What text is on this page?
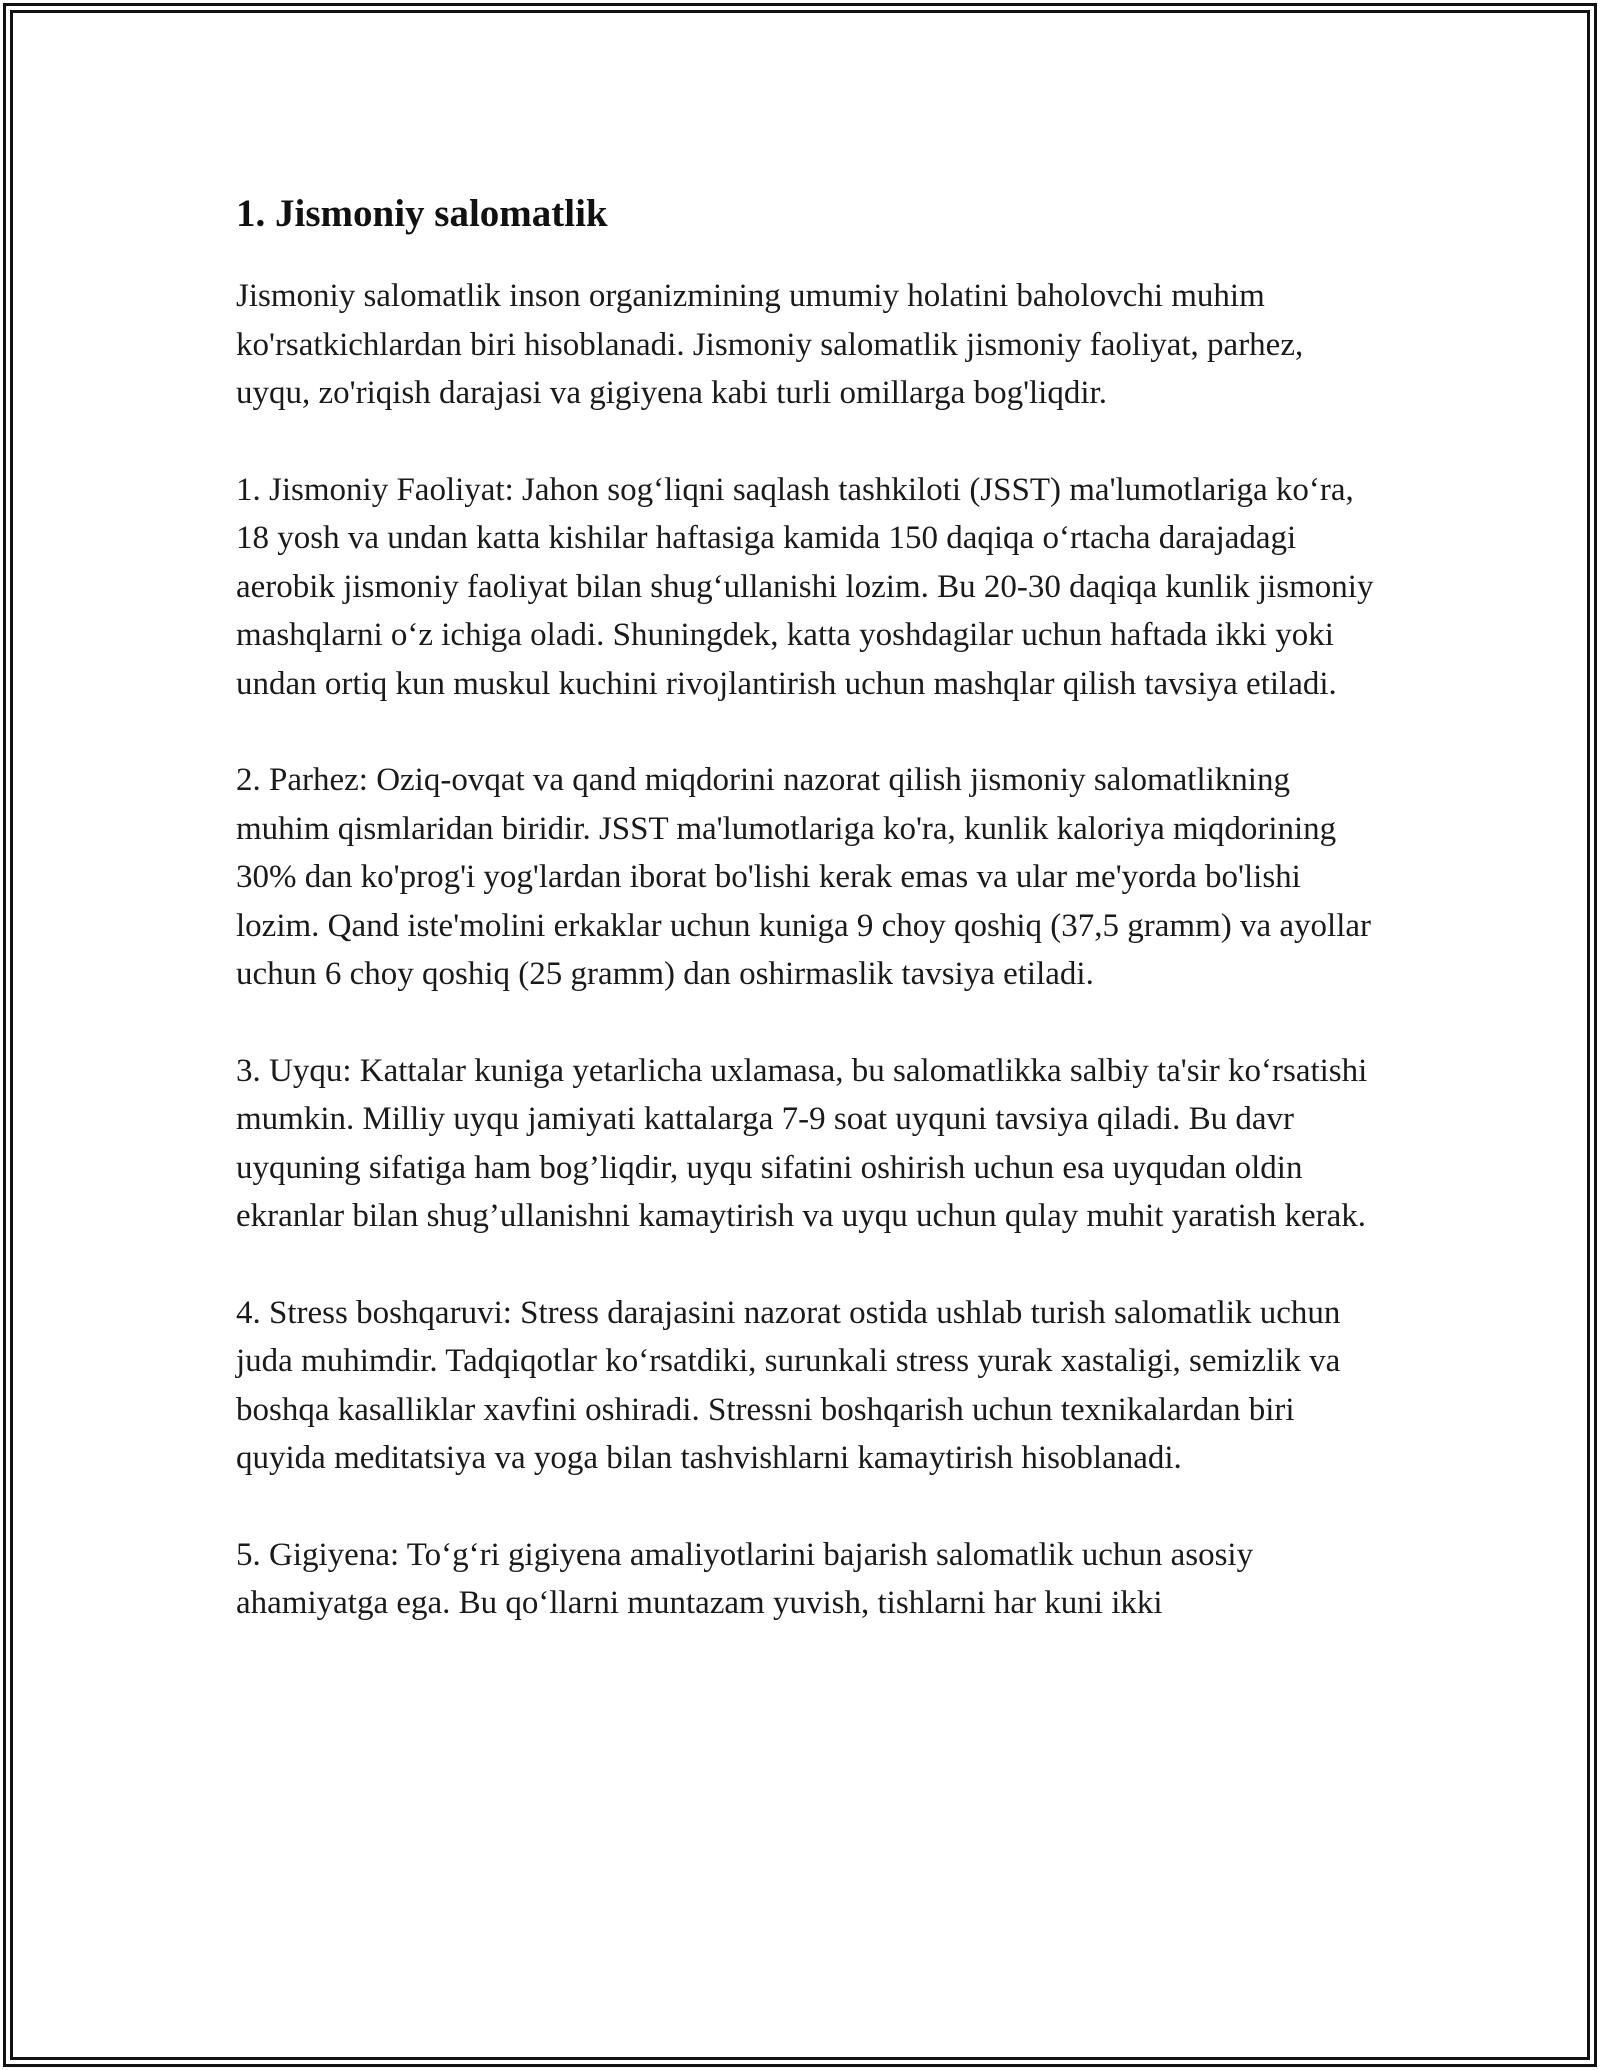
1. Jismoniy salomatlik

Jismoniy salomatlik inson organizmining umumiy holatini baholovchi muhim ko'rsatkichlardan biri hisoblanadi. Jismoniy salomatlik jismoniy faoliyat, parhez, uyqu, zo'riqish darajasi va gigiyena kabi turli omillarga bog'liqdir.

1. Jismoniy Faoliyat: Jahon sog‘liqni saqlash tashkiloti (JSST) ma'lumotlariga ko‘ra, 18 yosh va undan katta kishilar haftasiga kamida 150 daqiqa o‘rtacha darajadagi aerobik jismoniy faoliyat bilan shug‘ullanishi lozim. Bu 20-30 daqiqa kunlik jismoniy mashqlarni o‘z ichiga oladi. Shuningdek, katta yoshdagilar uchun haftada ikki yoki undan ortiq kun muskul kuchini rivojlantirish uchun mashqlar qilish tavsiya etiladi.

2. Parhez: Oziq-ovqat va qand miqdorini nazorat qilish jismoniy salomatlikning muhim qismlaridan biridir. JSST ma'lumotlariga ko'ra, kunlik kaloriya miqdorining 30% dan ko'prog'i yog'lardan iborat bo'lishi kerak emas va ular me'yorda bo'lishi lozim. Qand iste'molini erkaklar uchun kuniga 9 choy qoshiq (37,5 gramm) va ayollar uchun 6 choy qoshiq (25 gramm) dan oshirmaslik tavsiya etiladi.

3. Uyqu: Kattalar kuniga yetarlicha uxlamasa, bu salomatlikka salbiy ta'sir ko‘rsatishi mumkin. Milliy uyqu jamiyati kattalarga 7-9 soat uyquni tavsiya qiladi. Bu davr uyquning sifatiga ham bog’liqdir, uyqu sifatini oshirish uchun esa uyqudan oldin ekranlar bilan shug’ullanishni kamaytirish va uyqu uchun qulay muhit yaratish kerak.

4. Stress boshqaruvi: Stress darajasini nazorat ostida ushlab turish salomatlik uchun juda muhimdir. Tadqiqotlar ko‘rsatdiki, surunkali stress yurak xastaligi, semizlik va boshqa kasalliklar xavfini oshiradi. Stressni boshqarish uchun texnikalardan biri quyida meditatsiya va yoga bilan tashvishlarni kamaytirish hisoblanadi.

5. Gigiyena: To‘g‘ri gigiyena amaliyotlarini bajarish salomatlik uchun asosiy ahamiyatga ega. Bu qo‘llarni muntazam yuvish, tishlarni har kuni ikki
